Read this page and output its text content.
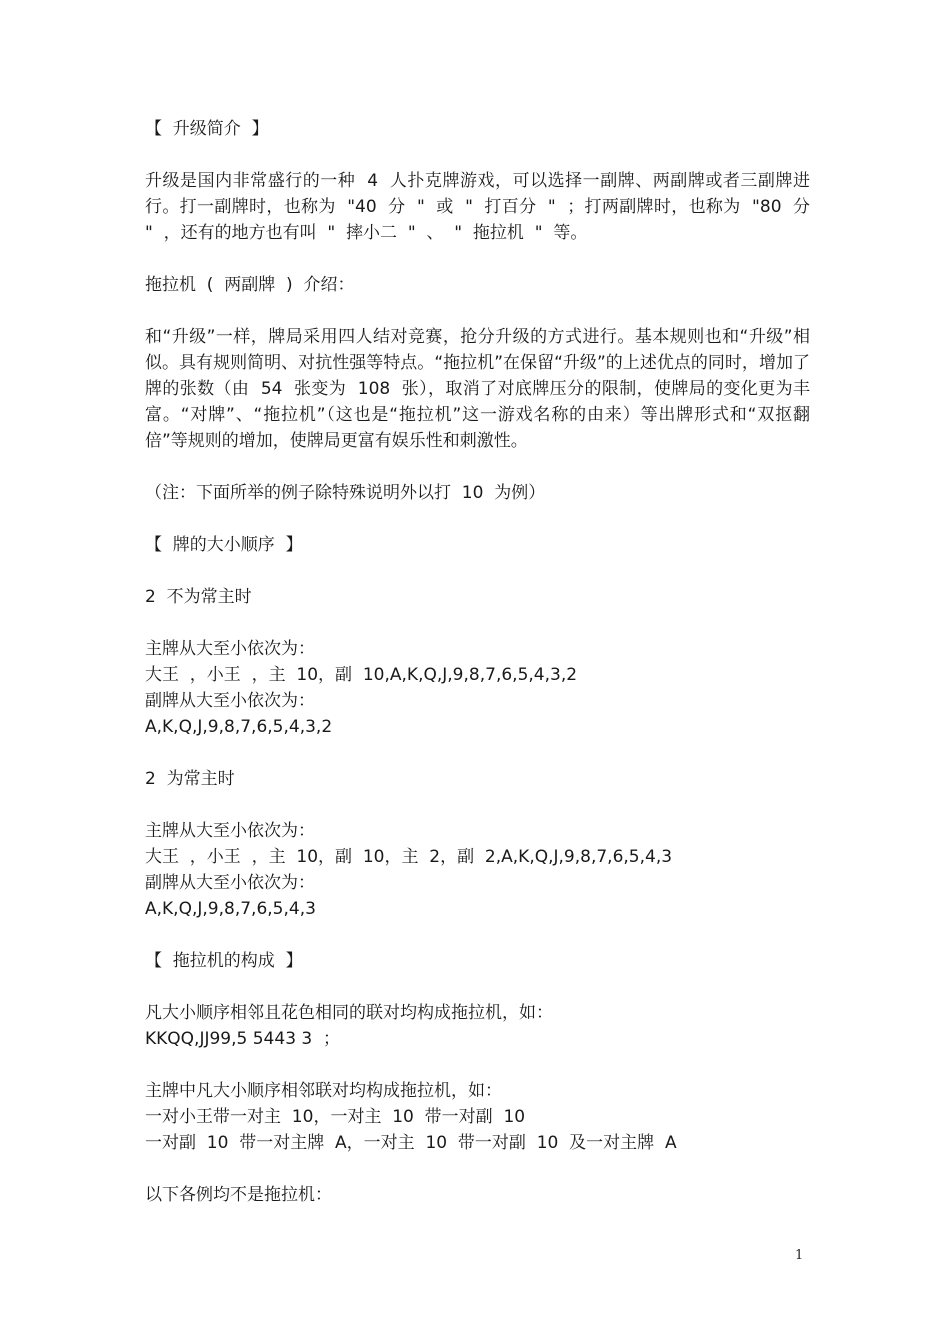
【  升级简介  】

升级是国内非常盛行的一种  4  人扑克牌游戏，可以选择一副牌、两副牌或者三副牌进行。打一副牌时，也称为  "40  分  "  或  "  打百分  "  ；打两副牌时，也称为  "80  分  "  ，还有的地方也有叫  "  摔小二  "  、  "  拖拉机  "  等。

拖拉机  (  两副牌  )  介绍：

和“升级”一样，牌局采用四人结对竞赛，抢分升级的方式进行。基本规则也和“升级”相似。具有规则简明、对抗性强等特点。“拖拉机”在保留“升级”的上述优点的同时，增加了牌的张数（由  54  张变为  108  张），取消了对底牌压分的限制，使牌局的变化更为丰富。“对牌”、“拖拉机”（这也是“拖拉机”这一游戏名称的由来）等出牌形式和“双抠翻倍”等规则的增加，使牌局更富有娱乐性和刺激性。

（注：下面所举的例子除特殊说明外以打  10  为例）

【  牌的大小顺序  】

2  不为常主时

主牌从大至小依次为：

大王  ，小王  ，主  10，副  10,A,K,Q,J,9,8,7,6,5,4,3,2

副牌从大至小依次为：

A,K,Q,J,9,8,7,6,5,4,3,2

2  为常主时

主牌从大至小依次为：

大王  ，小王  ，主  10，副  10，主  2，副  2,A,K,Q,J,9,8,7,6,5,4,3

副牌从大至小依次为：

A,K,Q,J,9,8,7,6,5,4,3

【  拖拉机的构成  】

凡大小顺序相邻且花色相同的联对均构成拖拉机，如：

KKQQ,JJ99,5 5443 3  ；

主牌中凡大小顺序相邻联对均构成拖拉机，如：

一对小王带一对主  10，一对主  10  带一对副  10

一对副  10  带一对主牌  A，一对主  10  带一对副  10  及一对主牌  A

以下各例均不是拖拉机：

1
